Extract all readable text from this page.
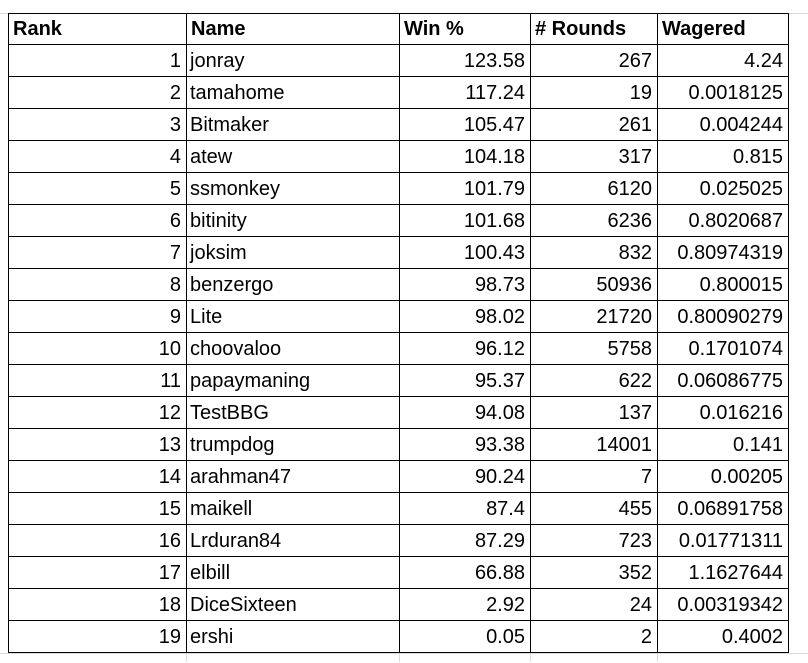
Rank	Name	Win %	# Rounds	Wagered
1	jonray	123.58	267	4.24
2	tamahome	117.24	19	0.0018125
3	Bitmaker	105.47	261	0.004244
4	atew	104.18	317	0.815
5	ssmonkey	101.79	6120	0.025025
6	bitinity	101.68	6236	0.8020687
7	joksim	100.43	832	0.80974319
8	benzergo	98.73	50936	0.800015
9	Lite	98.02	21720	0.80090279
10	choovaloo	96.12	5758	0.1701074
11	papaymaning	95.37	622	0.06086775
12	TestBBG	94.08	137	0.016216
13	trumpdog	93.38	14001	0.141
14	arahman47	90.24	7	0.00205
15	maikell	87.4	455	0.06891758
16	Lrduran84	87.29	723	0.01771311
17	elbill	66.88	352	1.1627644
18	DiceSixteen	2.92	24	0.00319342
19	ershi	0.05	2	0.4002
